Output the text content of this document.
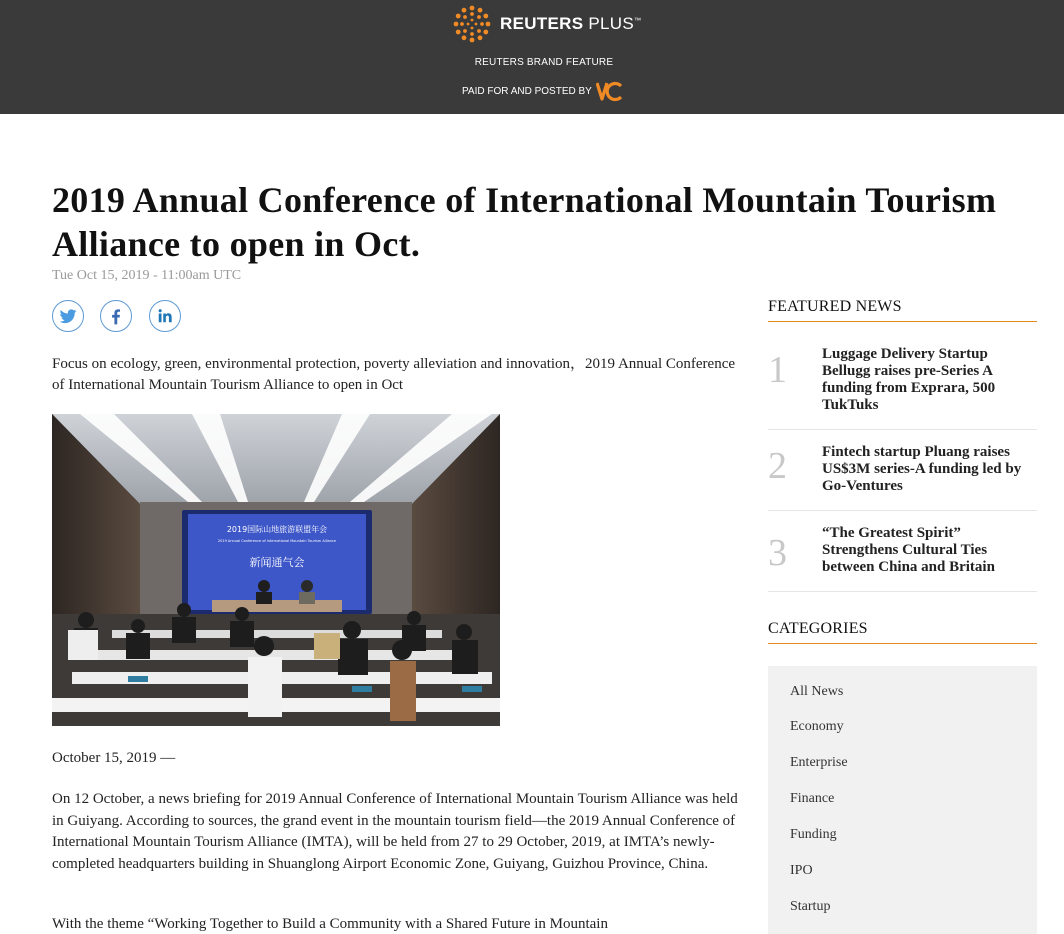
REUTERS PLUS™
REUTERS BRAND FEATURE
PAID FOR AND POSTED BY
2019 Annual Conference of International Mountain Tourism Alliance to open in Oct.
Tue Oct 15, 2019 - 11:00am UTC

Focus on ecology, green, environmental protection, poverty alleviation and innovation，2019 Annual Conference of International Mountain Tourism Alliance to open in Oct

2019国际山地旅游联盟年会
2019 Annual Conference of International Mountain Tourism Alliance
新闻通气会
October 15, 2019 —

On 12 October, a news briefing for 2019 Annual Conference of International Mountain Tourism Alliance was held in Guiyang. According to sources, the grand event in the mountain tourism field—the 2019 Annual Conference of International Mountain Tourism Alliance (IMTA), will be held from 27 to 29 October, 2019, at IMTA’s newly-completed headquarters building in Shuanglong Airport Economic Zone, Guiyang, Guizhou Province, China.

With the theme “Working Together to Build a Community with a Shared Future in Mountain

FEATURED NEWS
1 Luggage Delivery Startup Bellugg raises pre-Series A funding from Exprara, 500 TukTuks
2 Fintech startup Pluang raises US$3M series-A funding led by Go-Ventures
3 “The Greatest Spirit” Strengthens Cultural Ties between China and Britain
CATEGORIES
All News
Economy
Enterprise
Finance
Funding
IPO
Startup
